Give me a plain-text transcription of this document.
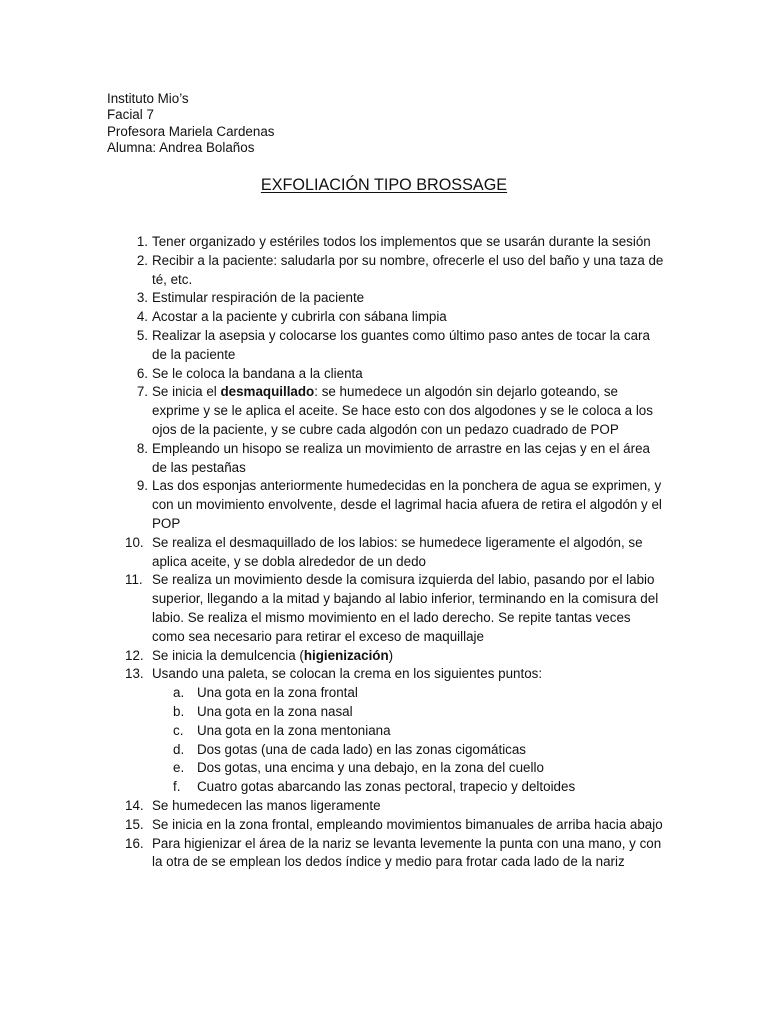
Instituto Mio’s
Facial 7
Profesora Mariela Cardenas
Alumna: Andrea Bolaños
EXFOLIACIÓN TIPO BROSSAGE
1. Tener organizado y estériles todos los implementos que se usarán durante la sesión
2. Recibir a la paciente: saludarla por su nombre, ofrecerle el uso del baño y una taza de té, etc.
3. Estimular respiración de la paciente
4. Acostar a la paciente y cubrirla con sábana limpia
5. Realizar la asepsia y colocarse los guantes como último paso antes de tocar la cara de la paciente
6. Se le coloca la bandana a la clienta
7. Se inicia el desmaquillado: se humedece un algodón sin dejarlo goteando, se exprime y se le aplica el aceite. Se hace esto con dos algodones y se le coloca a los ojos de la paciente, y se cubre cada algodón con un pedazo cuadrado de POP
8. Empleando un hisopo se realiza un movimiento de arrastre en las cejas y en el área de las pestañas
9. Las dos esponjas anteriormente humedecidas en la ponchera de agua se exprimen, y con un movimiento envolvente, desde el lagrimal hacia afuera de retira el algodón y el POP
10. Se realiza el desmaquillado de los labios: se humedece ligeramente el algodón, se aplica aceite, y se dobla alrededor de un dedo
11. Se realiza un movimiento desde la comisura izquierda del labio, pasando por el labio superior, llegando a la mitad y bajando al labio inferior, terminando en la comisura del labio. Se realiza el mismo movimiento en el lado derecho. Se repite tantas veces como sea necesario para retirar el exceso de maquillaje
12. Se inicia la demulcencia (higienización)
13. Usando una paleta, se colocan la crema en los siguientes puntos:
a. Una gota en la zona frontal
b. Una gota en la zona nasal
c. Una gota en la zona mentoniana
d. Dos gotas (una de cada lado) en las zonas cigomáticas
e. Dos gotas, una encima y una debajo, en la zona del cuello
f. Cuatro gotas abarcando las zonas pectoral, trapecio y deltoides
14. Se humedecen las manos ligeramente
15. Se inicia en la zona frontal, empleando movimientos bimanuales de arriba hacia abajo
16. Para higienizar el área de la nariz se levanta levemente la punta con una mano, y con la otra de se emplean los dedos índice y medio para frotar cada lado de la nariz
